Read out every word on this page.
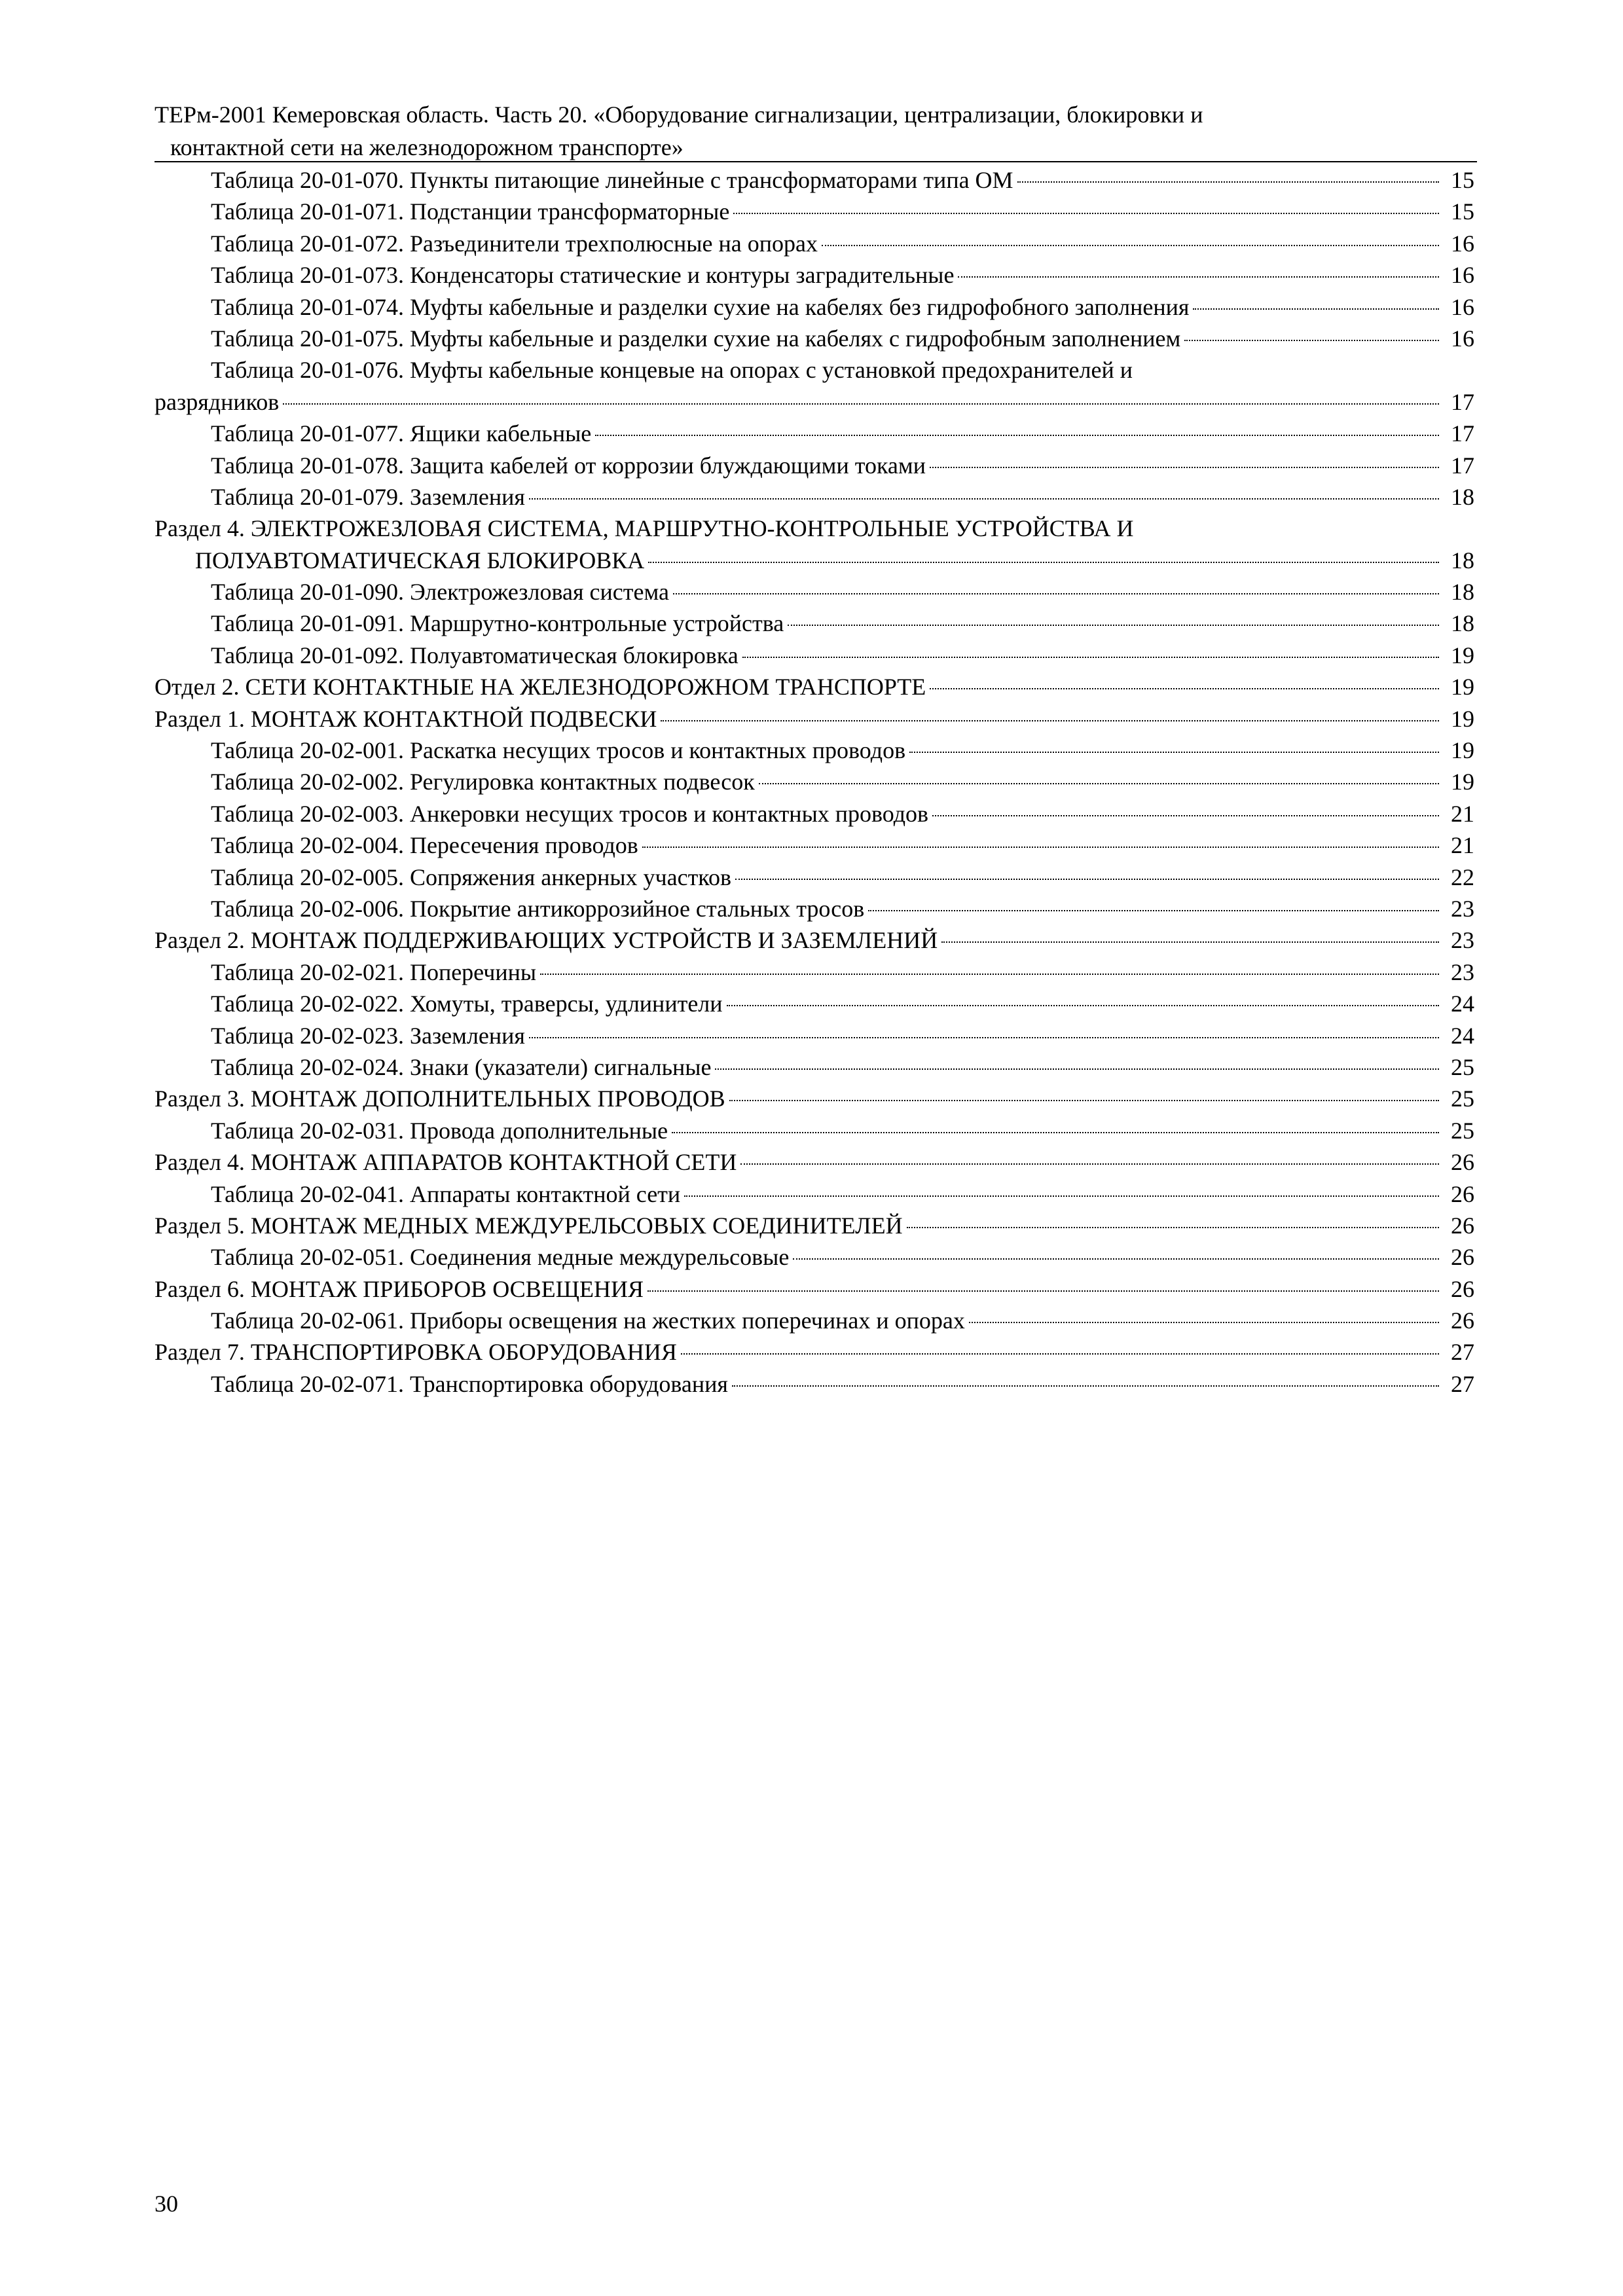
ТЕРм-2001 Кемеровская область. Часть 20. «Оборудование сигнализации, централизации, блокировки и
контактной сети на железнодорожном транспорте»
Таблица 20-01-070. Пункты питающие линейные с трансформаторами типа ОМ	15
Таблица 20-01-071. Подстанции трансформаторные	15
Таблица 20-01-072. Разъединители трехполюсные на опорах	16
Таблица 20-01-073. Конденсаторы статические и контуры заградительные	16
Таблица 20-01-074. Муфты кабельные и разделки сухие на кабелях без гидрофобного заполнения	16
Таблица 20-01-075. Муфты кабельные и разделки сухие на кабелях с гидрофобным заполнением	16
Таблица 20-01-076. Муфты кабельные концевые на опорах с установкой предохранителей и
разрядников	17
Таблица 20-01-077. Ящики кабельные	17
Таблица 20-01-078. Защита кабелей от коррозии блуждающими токами	17
Таблица 20-01-079. Заземления	18
Раздел 4. ЭЛЕКТРОЖЕЗЛОВАЯ СИСТЕМА, МАРШРУТНО-КОНТРОЛЬНЫЕ УСТРОЙСТВА И
ПОЛУАВТОМАТИЧЕСКАЯ БЛОКИРОВКА	18
Таблица 20-01-090. Электрожезловая система	18
Таблица 20-01-091. Маршрутно-контрольные устройства	18
Таблица 20-01-092. Полуавтоматическая блокировка	19
Отдел 2. СЕТИ КОНТАКТНЫЕ НА ЖЕЛЕЗНОДОРОЖНОМ ТРАНСПОРТЕ	19
Раздел 1. МОНТАЖ КОНТАКТНОЙ ПОДВЕСКИ	19
Таблица 20-02-001. Раскатка несущих тросов и контактных проводов	19
Таблица 20-02-002. Регулировка контактных подвесок	19
Таблица 20-02-003. Анкеровки несущих тросов и контактных проводов	21
Таблица 20-02-004. Пересечения проводов	21
Таблица 20-02-005. Сопряжения анкерных участков	22
Таблица 20-02-006. Покрытие антикоррозийное стальных тросов	23
Раздел 2. МОНТАЖ ПОДДЕРЖИВАЮЩИХ УСТРОЙСТВ И ЗАЗЕМЛЕНИЙ	23
Таблица 20-02-021. Поперечины	23
Таблица 20-02-022. Хомуты, траверсы, удлинители	24
Таблица 20-02-023. Заземления	24
Таблица 20-02-024. Знаки (указатели) сигнальные	25
Раздел 3. МОНТАЖ ДОПОЛНИТЕЛЬНЫХ ПРОВОДОВ	25
Таблица 20-02-031. Провода дополнительные	25
Раздел 4. МОНТАЖ АППАРАТОВ КОНТАКТНОЙ СЕТИ	26
Таблица 20-02-041. Аппараты контактной сети	26
Раздел 5. МОНТАЖ МЕДНЫХ МЕЖДУРЕЛЬСОВЫХ СОЕДИНИТЕЛЕЙ	26
Таблица 20-02-051. Соединения медные междурельсовые	26
Раздел 6. МОНТАЖ ПРИБОРОВ ОСВЕЩЕНИЯ	26
Таблица 20-02-061. Приборы освещения на жестких поперечинах и опорах	26
Раздел 7. ТРАНСПОРТИРОВКА ОБОРУДОВАНИЯ	27
Таблица 20-02-071. Транспортировка оборудования	27
30
